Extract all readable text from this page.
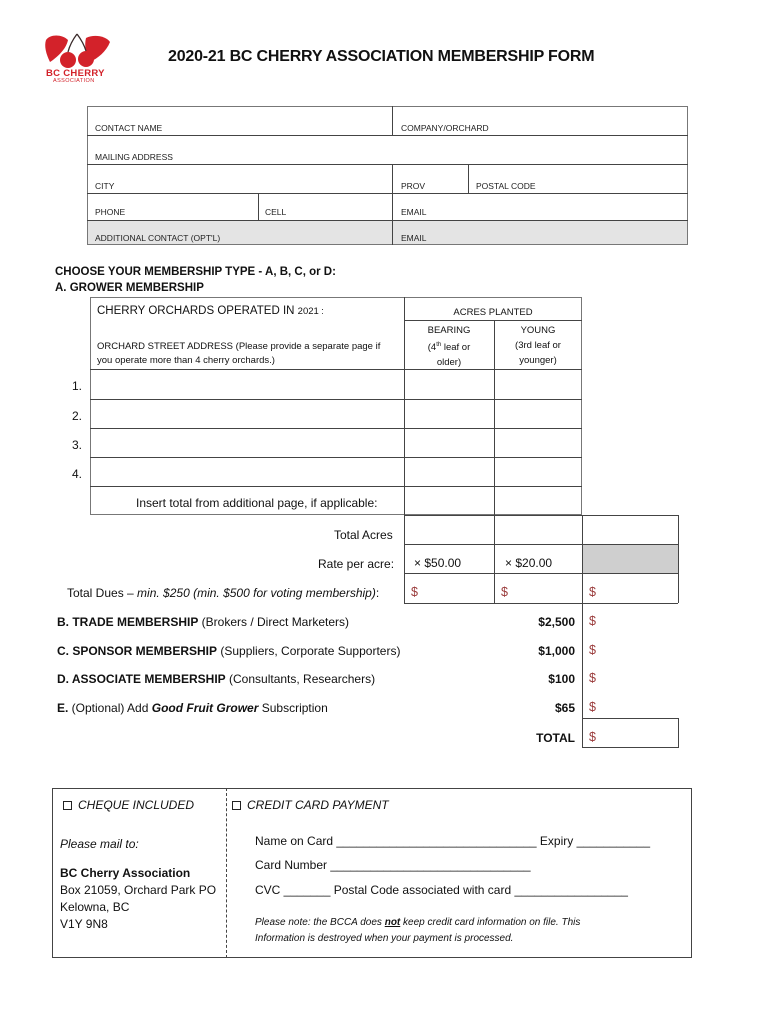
BC CHERRY
ASSOCIATION
2020-21 BC CHERRY ASSOCIATION MEMBERSHIP FORM
CONTACT NAME	COMPANY/ORCHARD
MAILING ADDRESS
CITY	PROV	POSTAL CODE
PHONE	CELL	EMAIL
ADDITIONAL CONTACT (OPT'L)	EMAIL
CHOOSE YOUR MEMBERSHIP TYPE - A, B, C, or D:
A. GROWER MEMBERSHIP
CHERRY ORCHARDS OPERATED IN 2021 :
ORCHARD STREET ADDRESS (Please provide a separate page if you operate more than 4 cherry orchards.)
ACRES PLANTED
BEARING
(4th leaf or
older)
YOUNG
(3rd leaf or
younger)
1.
2.
3.
4.
Insert total from additional page, if applicable:
Total Acres
Rate per acre: × $50.00	× $20.00
Total Dues – min. $250 (min. $500 for voting membership):	$	$	$
B. TRADE MEMBERSHIP (Brokers / Direct Marketers)	$2,500 $
C. SPONSOR MEMBERSHIP (Suppliers, Corporate Supporters)	$1,000 $
D. ASSOCIATE MEMBERSHIP (Consultants, Researchers)	$100 $
E. (Optional) Add Good Fruit Grower Subscription	$65 $
TOTAL $
CHEQUE INCLUDED	CREDIT CARD PAYMENT
Please mail to:
BC Cherry Association
Box 21059, Orchard Park PO
Kelowna, BC
V1Y 9N8
Name on Card ______________________________ Expiry ___________
Card Number ______________________________
CVC _______ Postal Code associated with card _________________
Please note: the BCCA does not keep credit card information on file. This
Information is destroyed when your payment is processed.
